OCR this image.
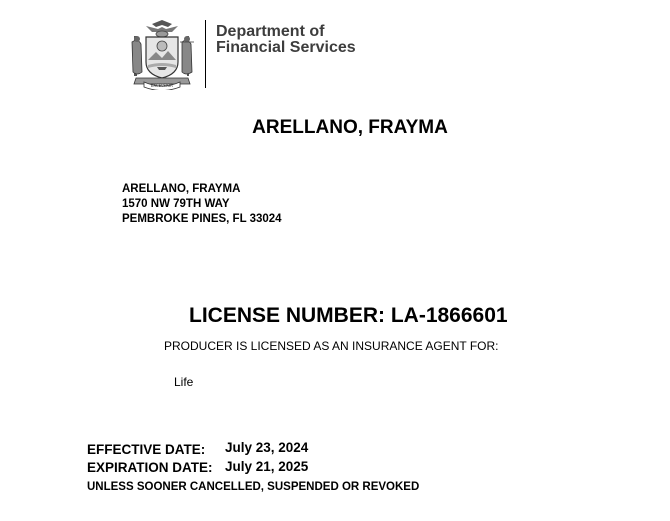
EXCELSIOR
Department of
Financial Services
ARELLANO, FRAYMA
ARELLANO, FRAYMA
1570 NW 79TH WAY
PEMBROKE PINES, FL 33024
LICENSE NUMBER: LA-1866601
PRODUCER IS LICENSED AS AN INSURANCE AGENT FOR:
Life
EFFECTIVE DATE: July 23, 2024
EXPIRATION DATE: July 21, 2025
UNLESS SOONER CANCELLED, SUSPENDED OR REVOKED
